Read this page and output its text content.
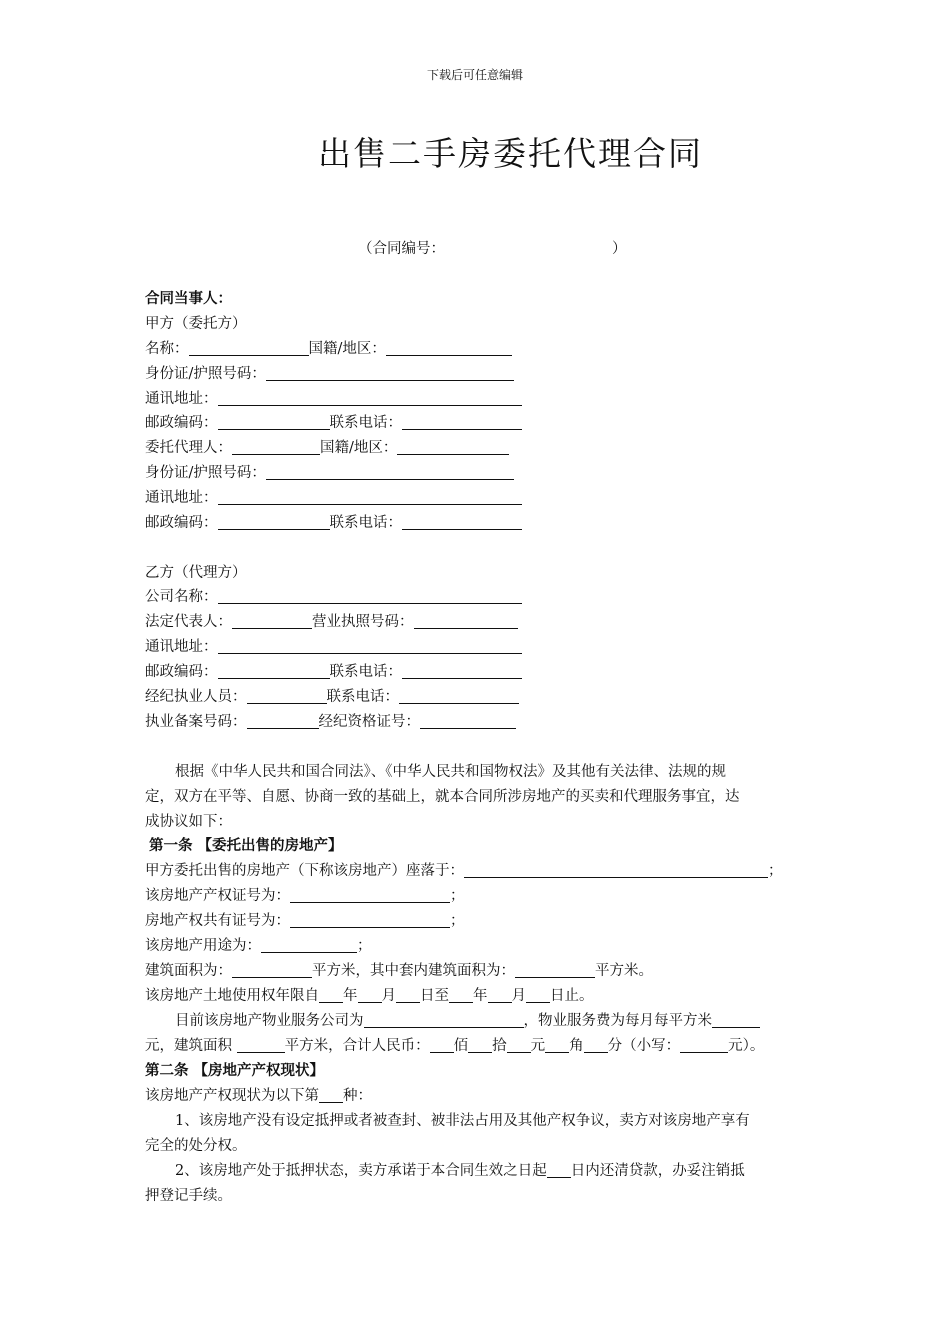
下载后可任意编辑
出售二手房委托代理合同
（合同编号：	）
合同当事人：
甲方（委托方）
名称：	国籍/地区：
身份证/护照号码：
通讯地址：
邮政编码：	联系电话：
委托代理人：	国籍/地区：
身份证/护照号码：
通讯地址：
邮政编码：	联系电话：
乙方（代理方）
公司名称：
法定代表人：	营业执照号码：
通讯地址：
邮政编码：	联系电话：
经纪执业人员：	联系电话：
执业备案号码：	经纪资格证号：
根据《中华人民共和国合同法》、《中华人民共和国物权法》及其他有关法律、法规的规
定，双方在平等、自愿、协商一致的基础上，就本合同所涉房地产的买卖和代理服务事宜，达
成协议如下：
第一条 【委托出售的房地产】
甲方委托出售的房地产（下称该房地产）座落于：	；
该房地产产权证号为：	；
房地产权共有证号为：	；
该房地产用途为：	；
建筑面积为：	平方米，其中套内建筑面积为：	平方米。
该房地产土地使用权年限自 年 月 日至 年 月 日止。
目前该房地产物业服务公司为	，物业服务费为每月每平方米
元，建筑面积	平方米，合计人民币： 佰 拾 元 角 分（小写：	元）。
第二条 【房地产产权现状】
该房地产产权现状为以下第 种：
1、该房地产没有设定抵押或者被查封、被非法占用及其他产权争议，卖方对该房地产享有
完全的处分权。
2、该房地产处于抵押状态，卖方承诺于本合同生效之日起 日内还清贷款，办妥注销抵
押登记手续。
